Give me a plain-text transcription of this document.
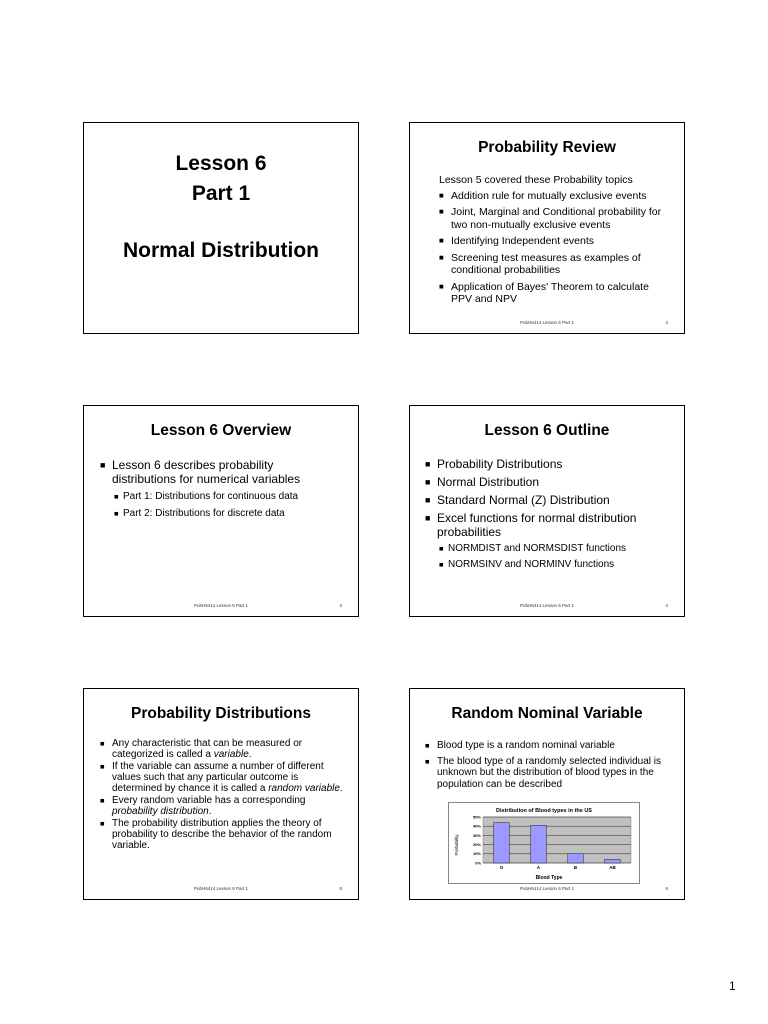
Lesson 6
Part 1
Normal Distribution
Probability Review
Lesson 5 covered these Probability topics
■ Addition rule for mutually exclusive events
■ Joint, Marginal and Conditional probability for two non-mutually exclusive events
■ Identifying Independent events
■ Screening test measures as examples of conditional probabilities
■ Application of Bayes' Theorem to calculate PPV and NPV
PubH6414 Lesson 6 Part 1	2
Lesson 6 Overview
■ Lesson 6 describes probability distributions for numerical variables
■ Part 1: Distributions for continuous data
■ Part 2: Distributions for discrete data
PubH6414 Lesson 6 Part 1	3
Lesson 6 Outline
■ Probability Distributions
■ Normal Distribution
■ Standard Normal (Z) Distribution
■ Excel functions for normal distribution probabilities
■ NORMDIST and NORMSDIST functions
■ NORMSINV and NORMINV functions
PubH6414 Lesson 6 Part 1	4
Probability Distributions
■ Any characteristic that can be measured or categorized is called a variable.
■ If the variable can assume a number of different values such that any particular outcome is determined by chance it is called a random variable.
■ Every random variable has a corresponding probability distribution.
■ The probability distribution applies the theory of probability to describe the behavior of the random variable.
PubH6414 Lesson 6 Part 1	5
Random Nominal Variable
■ Blood type is a random nominal variable
■ The blood type of a randomly selected individual is unknown but the distribution of blood types in the population can be described
Distribution of Blood types in the US
Probability
Blood Type
0%
10%
20%
30%
40%
50%
O	A	B	AB
PubH6414 Lesson 6 Part 1	6
1
